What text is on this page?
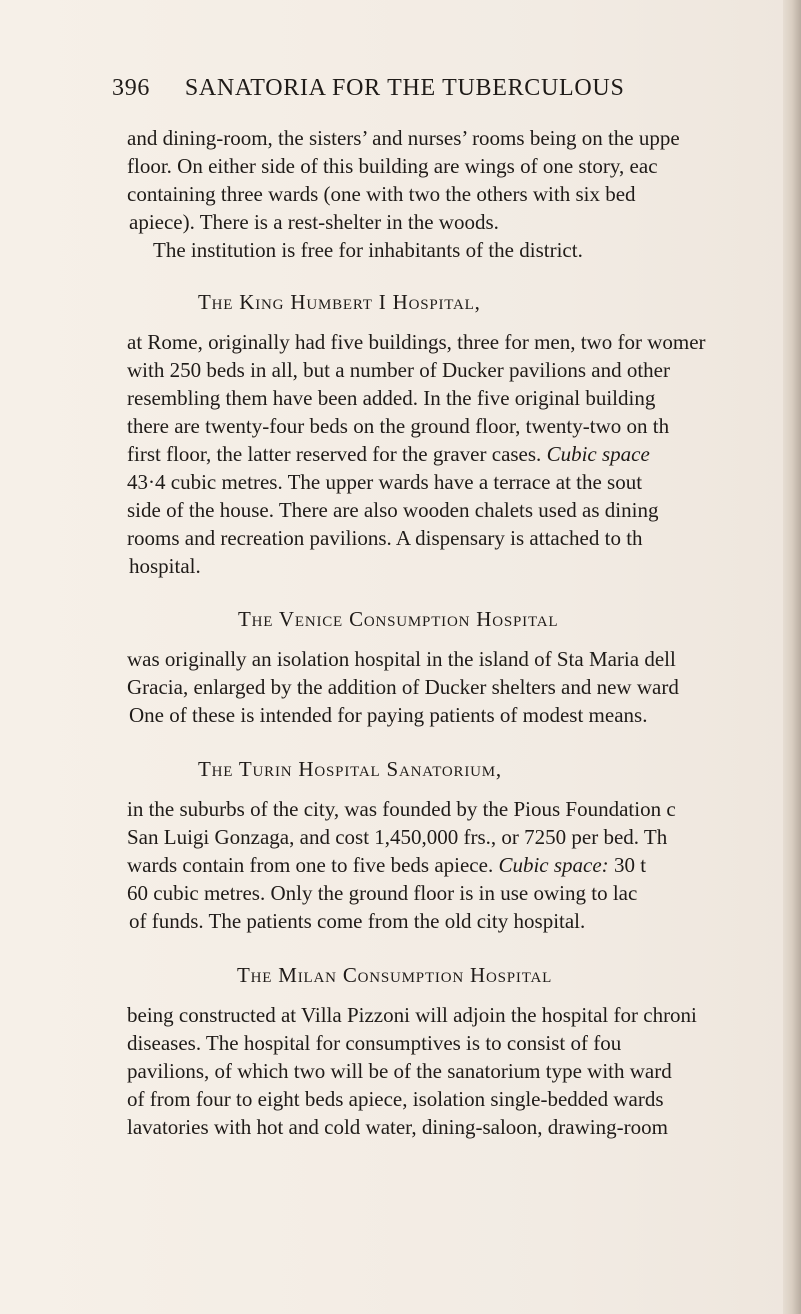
396 SANATORIA FOR THE TUBERCULOUS
and dining-room, the sisters’ and nurses’ rooms being on the uppe
floor. On either side of this building are wings of one story, eac
containing three wards (one with two the others with six bed
apiece). There is a rest-shelter in the woods.
The institution is free for inhabitants of the district.
The King Humbert I Hospital,
at Rome, originally had five buildings, three for men, two for womer
with 250 beds in all, but a number of Ducker pavilions and other
resembling them have been added. In the five original building
there are twenty-four beds on the ground floor, twenty-two on th
first floor, the latter reserved for the graver cases. Cubic space
43·4 cubic metres. The upper wards have a terrace at the sout
side of the house. There are also wooden chalets used as dining
rooms and recreation pavilions. A dispensary is attached to th
hospital.
The Venice Consumption Hospital
was originally an isolation hospital in the island of Sta Maria dell
Gracia, enlarged by the addition of Ducker shelters and new ward
One of these is intended for paying patients of modest means.
The Turin Hospital Sanatorium,
in the suburbs of the city, was founded by the Pious Foundation c
San Luigi Gonzaga, and cost 1,450,000 frs., or 7250 per bed. Th
wards contain from one to five beds apiece. Cubic space: 30 t
60 cubic metres. Only the ground floor is in use owing to lac
of funds. The patients come from the old city hospital.
The Milan Consumption Hospital
being constructed at Villa Pizzoni will adjoin the hospital for chroni
diseases. The hospital for consumptives is to consist of fou
pavilions, of which two will be of the sanatorium type with ward
of from four to eight beds apiece, isolation single-bedded wards
lavatories with hot and cold water, dining-saloon, drawing-room
